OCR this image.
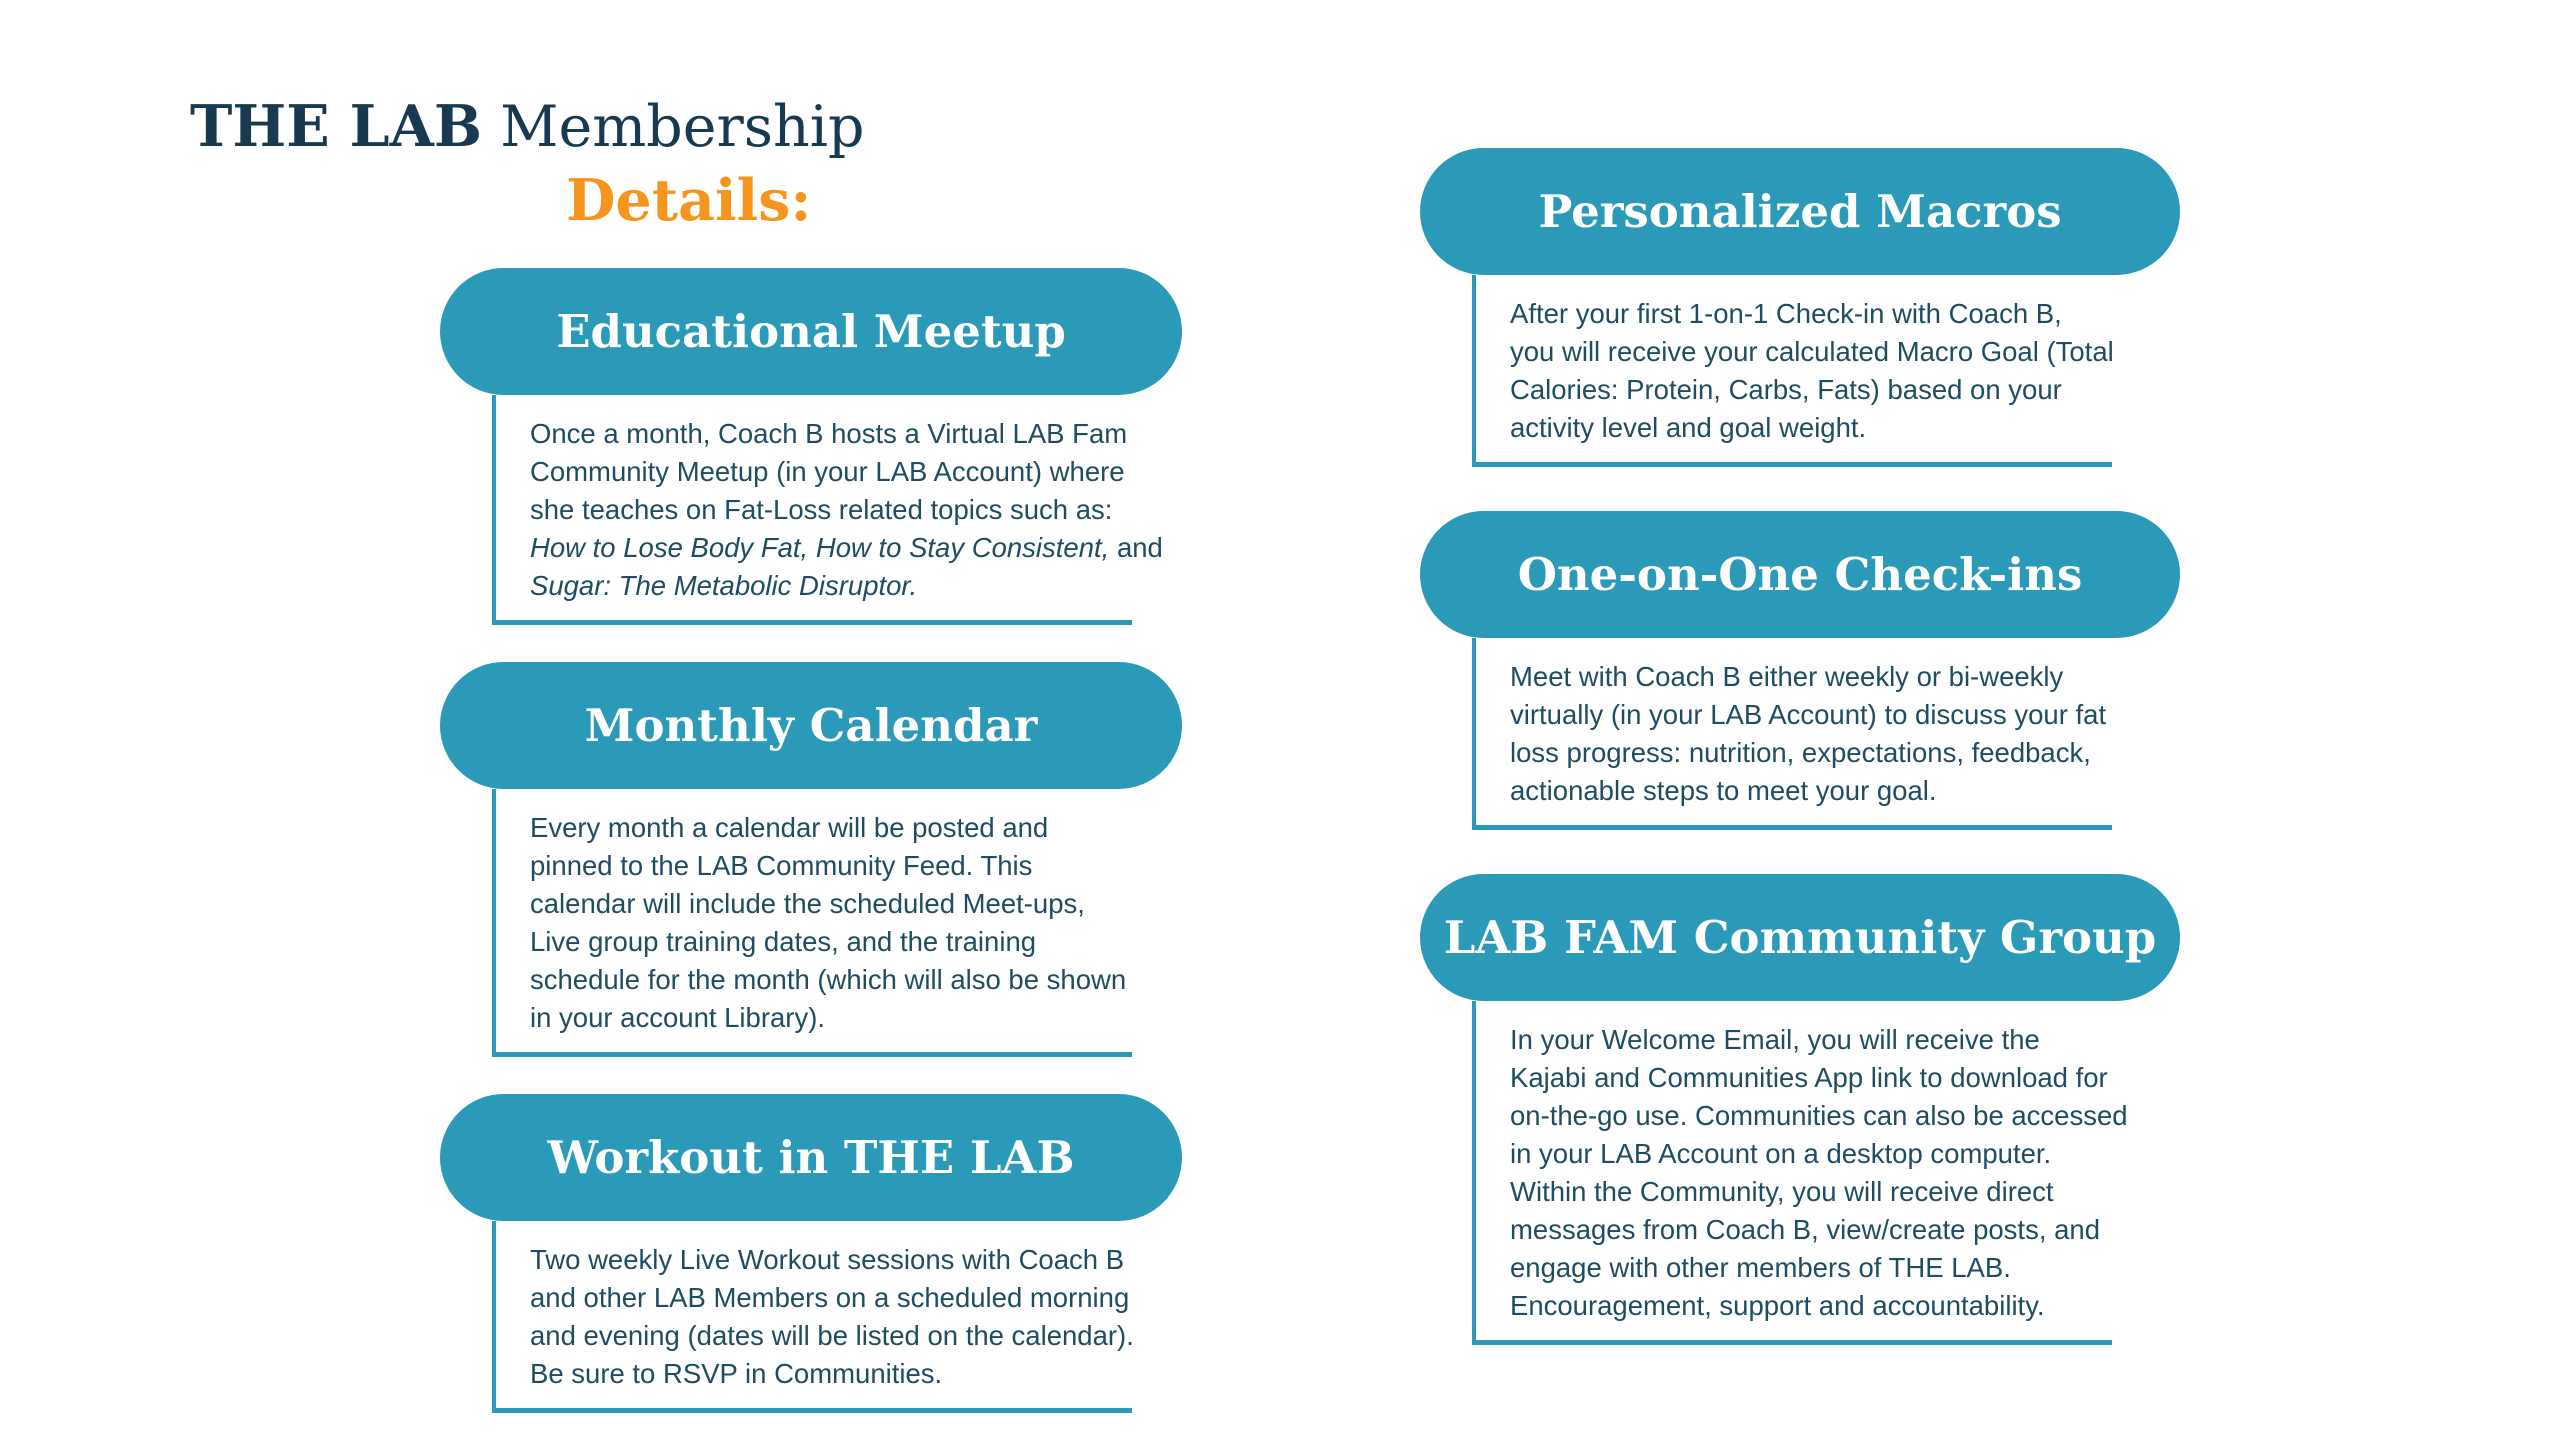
THE LAB Membership
Details:
Educational Meetup
Once a month, Coach B hosts a Virtual LAB Fam
Community Meetup (in your LAB Account) where
she teaches on Fat-Loss related topics such as:
How to Lose Body Fat, How to Stay Consistent, and
Sugar: The Metabolic Disruptor.
Monthly Calendar
Every month a calendar will be posted and
pinned to the LAB Community Feed. This
calendar will include the scheduled Meet-ups,
Live group training dates, and the training
schedule for the month (which will also be shown
in your account Library).
Workout in THE LAB
Two weekly Live Workout sessions with Coach B
and other LAB Members on a scheduled morning
and evening (dates will be listed on the calendar).
Be sure to RSVP in Communities.
Personalized Macros
After your first 1-on-1 Check-in with Coach B,
you will receive your calculated Macro Goal (Total
Calories: Protein, Carbs, Fats) based on your
activity level and goal weight.
One-on-One Check-ins
Meet with Coach B either weekly or bi-weekly
virtually (in your LAB Account) to discuss your fat
loss progress: nutrition, expectations, feedback,
actionable steps to meet your goal.
LAB FAM Community Group
In your Welcome Email, you will receive the
Kajabi and Communities App link to download for
on-the-go use. Communities can also be accessed
in your LAB Account on a desktop computer.
Within the Community, you will receive direct
messages from Coach B, view/create posts, and
engage with other members of THE LAB.
Encouragement, support and accountability.
